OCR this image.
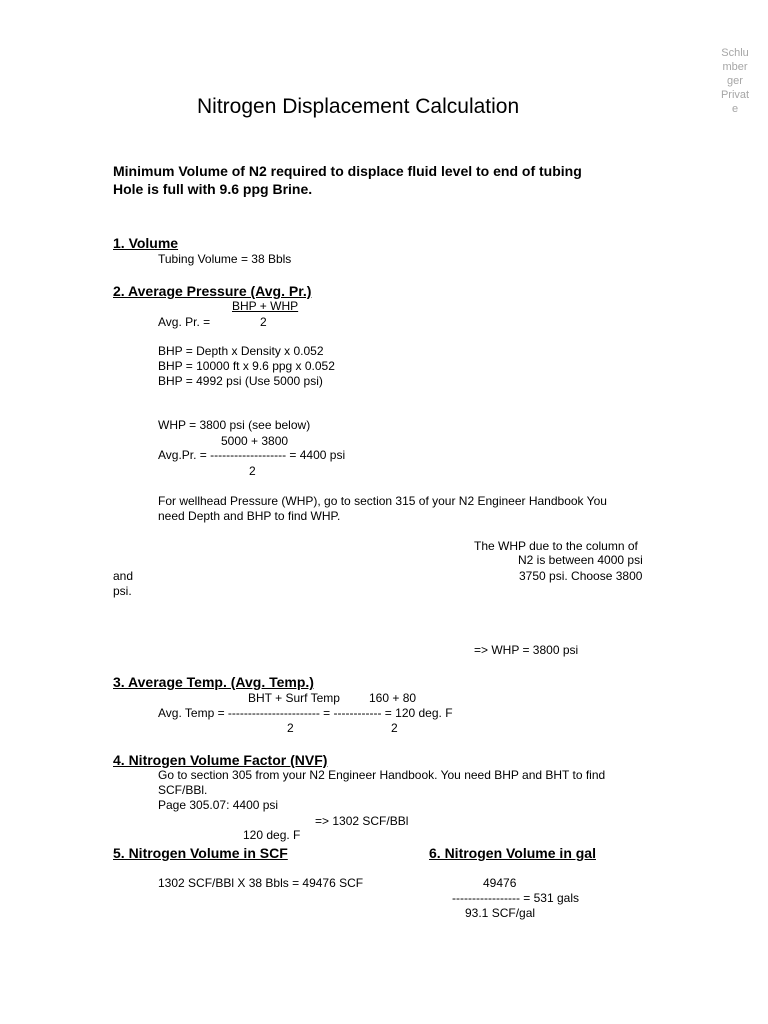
Schlu
mber
ger
Privat
e
Nitrogen Displacement Calculation
Minimum Volume of N2 required to displace fluid level to end of tubing
Hole is full with 9.6 ppg Brine.
1. Volume
Tubing Volume = 38 Bbls
2. Average Pressure (Avg. Pr.)
BHP + WHP
Avg. Pr. =	2
BHP = Depth x Density x 0.052
BHP = 10000 ft x 9.6 ppg x 0.052
BHP = 4992 psi (Use 5000 psi)
WHP = 3800 psi (see below)
5000 + 3800
Avg.Pr. = ------------------- = 4400 psi
2
For wellhead Pressure (WHP), go to section 315 of your N2 Engineer Handbook You
need Depth and BHP to find WHP.
The WHP due to the column of
N2 is between 4000 psi
and	3750 psi. Choose 3800
psi.
=> WHP = 3800 psi
3. Average Temp. (Avg. Temp.)
BHT + Surf Temp 160 + 80
Avg. Temp = ----------------------- = ------------ = 120 deg. F
2	2
4. Nitrogen Volume Factor (NVF)
Go to section 305 from your N2 Engineer Handbook. You need BHP and BHT to find
SCF/BBl.
Page 305.07: 4400 psi
=> 1302 SCF/BBl
120 deg. F
5. Nitrogen Volume in SCF	6. Nitrogen Volume in gal
1302 SCF/BBl X 38 Bbls = 49476 SCF	49476
----------------- = 531 gals
93.1 SCF/gal
